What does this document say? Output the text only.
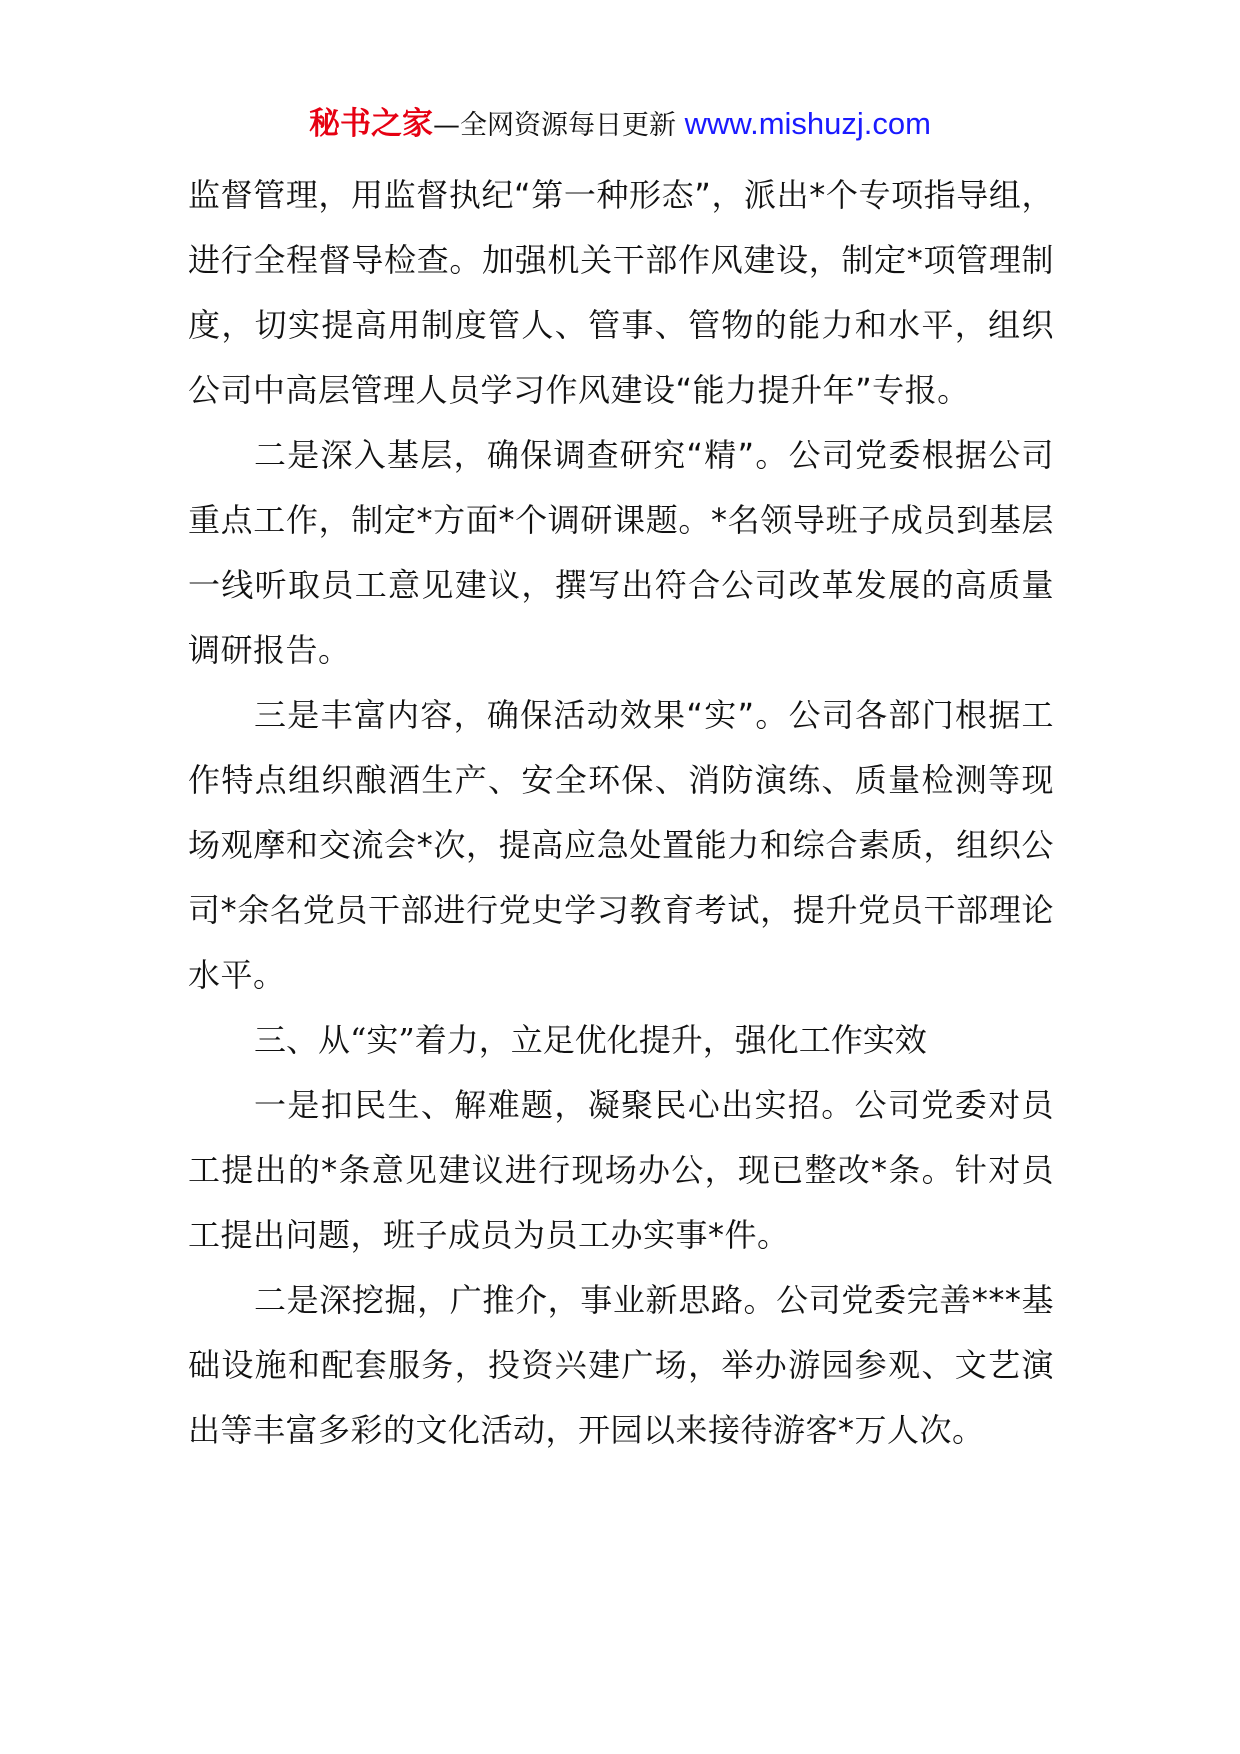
秘书之家—全网资源每日更新 www.mishuzj.com

监督管理，用监督执纪“第一种形态”，派出*个专项指导组，进行全程督导检查。加强机关干部作风建设，制定*项管理制度，切实提高用制度管人、管事、管物的能力和水平，组织公司中高层管理人员学习作风建设“能力提升年”专报。

二是深入基层，确保调查研究“精”。公司党委根据公司重点工作，制定*方面*个调研课题。*名领导班子成员到基层一线听取员工意见建议，撰写出符合公司改革发展的高质量调研报告。

三是丰富内容，确保活动效果“实”。公司各部门根据工作特点组织酿酒生产、安全环保、消防演练、质量检测等现场观摩和交流会*次，提高应急处置能力和综合素质，组织公司*余名党员干部进行党史学习教育考试，提升党员干部理论水平。

三、从“实”着力，立足优化提升，强化工作实效

一是扣民生、解难题，凝聚民心出实招。公司党委对员工提出的*条意见建议进行现场办公，现已整改*条。针对员工提出问题，班子成员为员工办实事*件。

二是深挖掘，广推介，事业新思路。公司党委完善***基础设施和配套服务，投资兴建广场，举办游园参观、文艺演出等丰富多彩的文化活动，开园以来接待游客*万人次。
